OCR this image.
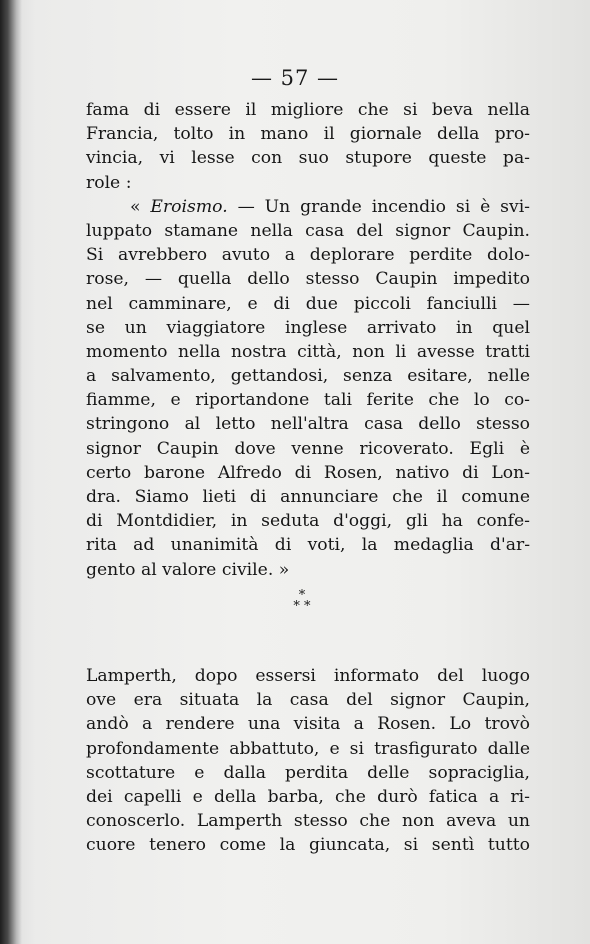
— 57 —
fama di essere il migliore che si beva nella
Francia, tolto in mano il giornale della pro-
vincia, vi lesse con suo stupore queste pa-
role :
« Eroismo. — Un grande incendio si è svi-
luppato stamane nella casa del signor Caupin.
Si avrebbero avuto a deplorare perdite dolo-
rose, — quella dello stesso Caupin impedito
nel camminare, e di due piccoli fanciulli —
se un viaggiatore inglese arrivato in quel
momento nella nostra città, non li avesse tratti
a salvamento, gettandosi, senza esitare, nelle
fiamme, e riportandone tali ferite che lo co-
stringono al letto nell'altra casa dello stesso
signor Caupin dove venne ricoverato. Egli è
certo barone Alfredo di Rosen, nativo di Lon-
dra. Siamo lieti di annunciare che il comune
di Montdidier, in seduta d'oggi, gli ha confe-
rita ad unanimità di voti, la medaglia d'ar-
gento al valore civile. »
*
* *
Lamperth, dopo essersi informato del luogo
ove era situata la casa del signor Caupin,
andò a rendere una visita a Rosen. Lo trovò
profondamente abbattuto, e si trasfigurato dalle
scottature e dalla perdita delle sopraciglia,
dei capelli e della barba, che durò fatica a ri-
conoscerlo. Lamperth stesso che non aveva un
cuore tenero come la giuncata, si sentì tutto
